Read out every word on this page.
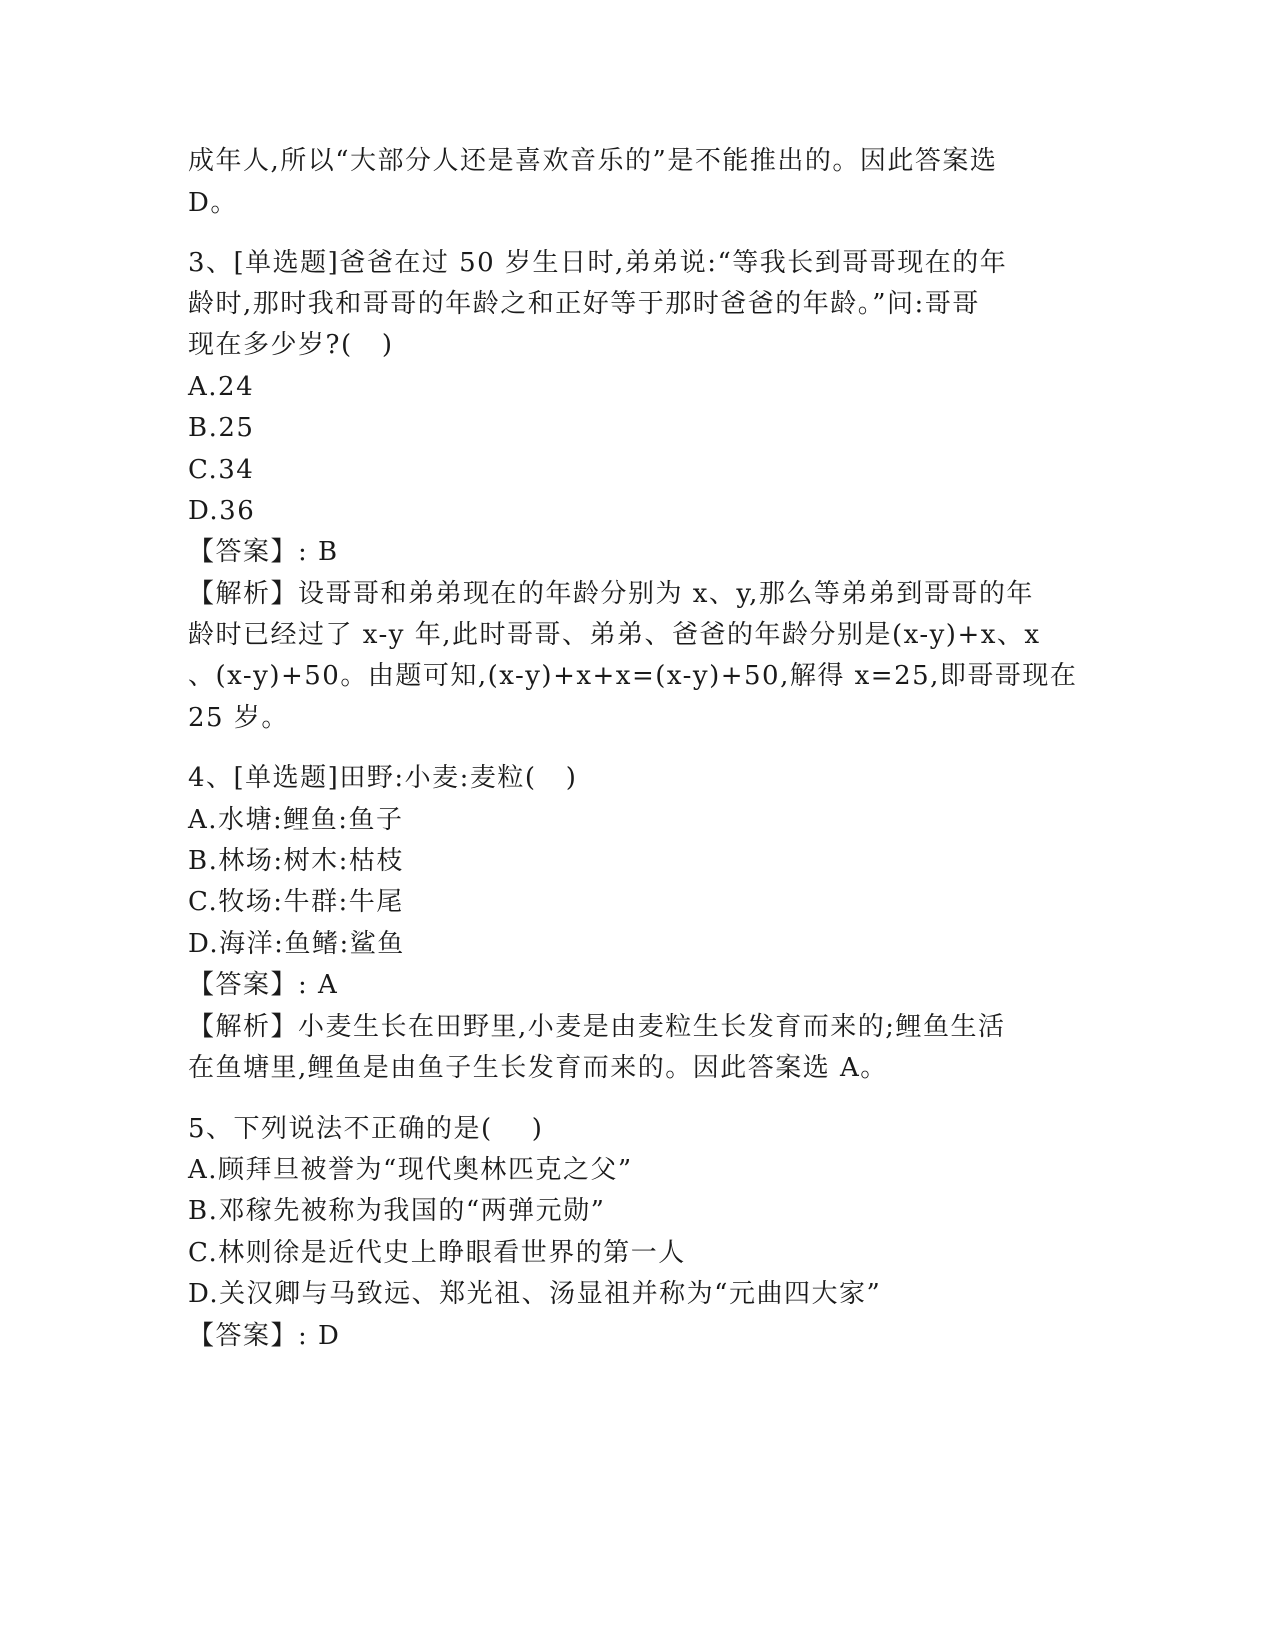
成年人,所以“大部分人还是喜欢音乐的”是不能推出的。因此答案选
D。
3、[单选题]爸爸在过 50 岁生日时,弟弟说:“等我长到哥哥现在的年
龄时,那时我和哥哥的年龄之和正好等于那时爸爸的年龄。”问:哥哥
现在多少岁?(   )
A.24
B.25
C.34
D.36
【答案】: B
【解析】设哥哥和弟弟现在的年龄分别为 x、y,那么等弟弟到哥哥的年
龄时已经过了 x-y 年,此时哥哥、弟弟、爸爸的年龄分别是(x-y)+x、x
、(x-y)+50。由题可知,(x-y)+x+x=(x-y)+50,解得 x=25,即哥哥现在
25 岁。
4、[单选题]田野:小麦:麦粒(   )
A.水塘:鲤鱼:鱼子
B.林场:树木:枯枝
C.牧场:牛群:牛尾
D.海洋:鱼鳍:鲨鱼
【答案】: A
【解析】小麦生长在田野里,小麦是由麦粒生长发育而来的;鲤鱼生活
在鱼塘里,鲤鱼是由鱼子生长发育而来的。因此答案选 A。
5、下列说法不正确的是(    )
A.顾拜旦被誉为“现代奥林匹克之父”
B.邓稼先被称为我国的“两弹元勋”
C.林则徐是近代史上睁眼看世界的第一人
D.关汉卿与马致远、郑光祖、汤显祖并称为“元曲四大家”
【答案】: D
